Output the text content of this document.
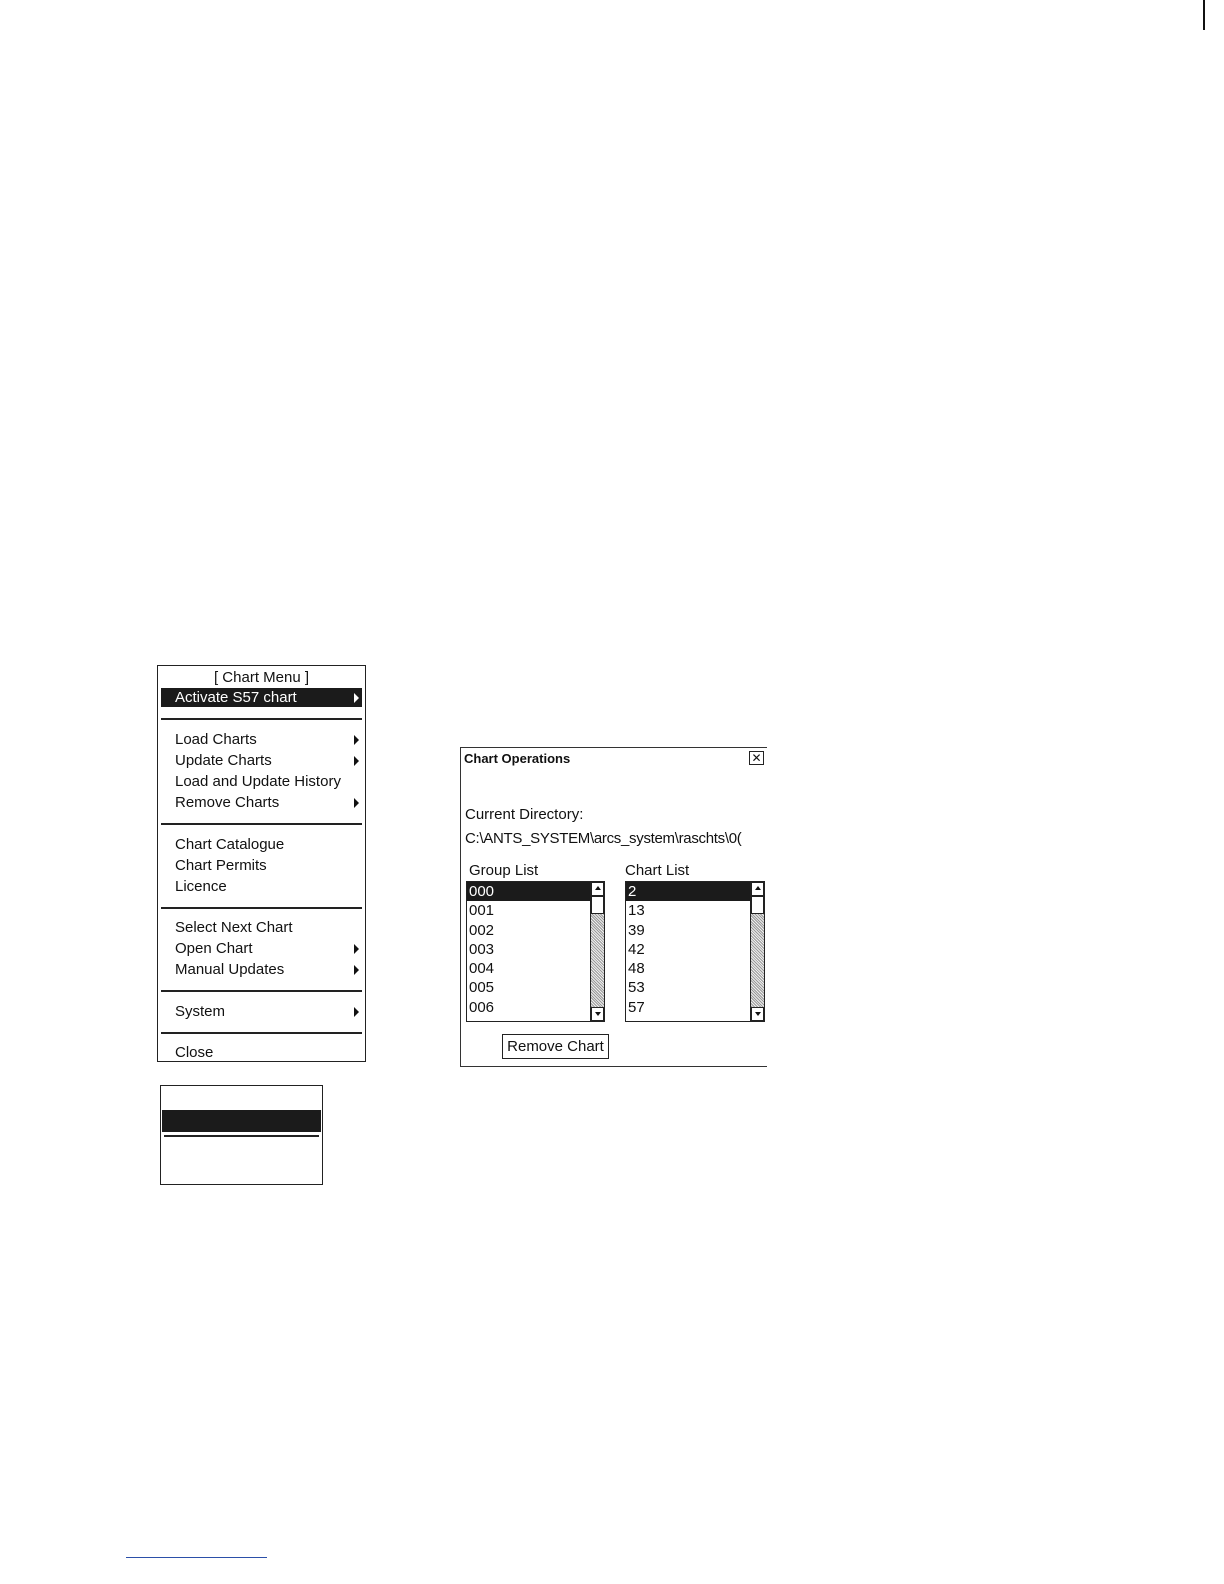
[ Chart Menu ]
Activate S57 chart
Load Charts
Update Charts
Load and Update History
Remove Charts
Chart Catalogue
Chart Permits
Licence
Select Next Chart
Open Chart
Manual Updates
System
Close
Chart Operations	✕
Current Directory:
C:\ANTS_SYSTEM\arcs_system\raschts\0(
Group List	Chart List
000
001
002
003
004
005
006
2
13
39
42
48
53
57
Remove Chart
